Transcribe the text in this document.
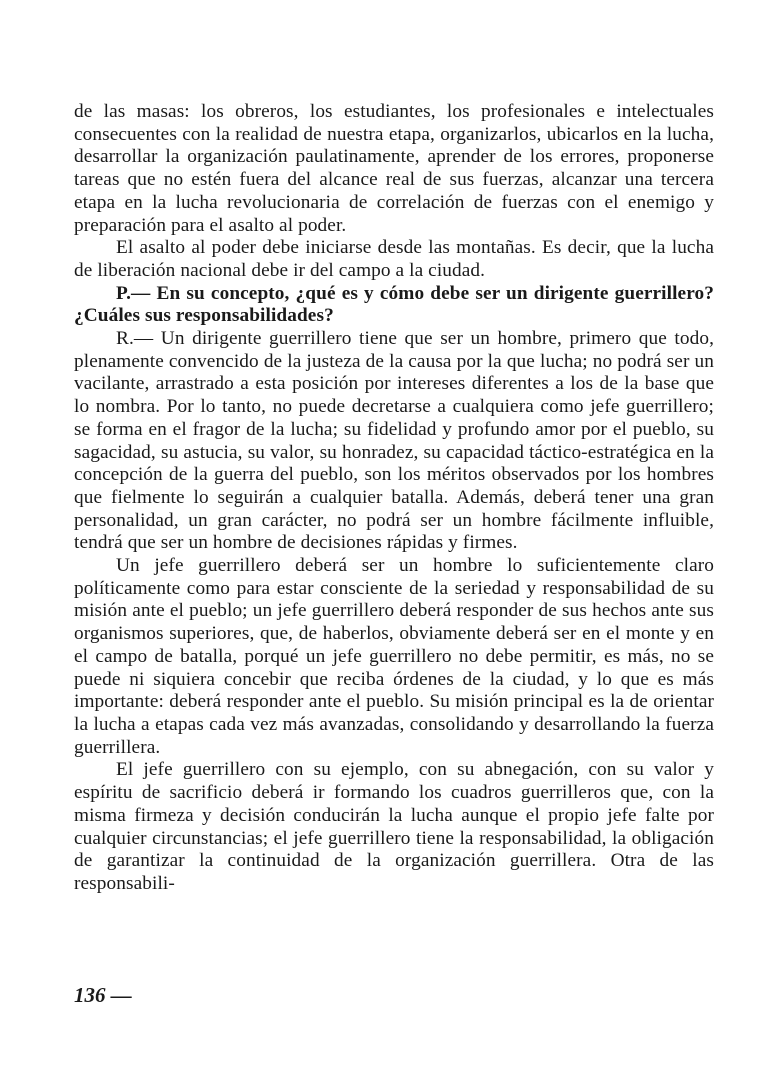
de las masas: los obreros, los estudiantes, los profesionales e intelectuales consecuentes con la realidad de nuestra etapa, organizarlos, ubicarlos en la lucha, desarrollar la organización paulatinamente, aprender de los errores, proponerse tareas que no estén fuera del alcance real de sus fuerzas, alcanzar una tercera etapa en la lucha revolucionaria de correlación de fuerzas con el enemigo y preparación para el asalto al poder.

El asalto al poder debe iniciarse desde las montañas. Es decir, que la lucha de liberación nacional debe ir del campo a la ciudad.

P.— En su concepto, ¿qué es y cómo debe ser un dirigente guerrillero? ¿Cuáles sus responsabilidades?

R.— Un dirigente guerrillero tiene que ser un hombre, primero que todo, plenamente convencido de la justeza de la causa por la que lucha; no podrá ser un vacilante, arrastrado a esta posición por intereses diferentes a los de la base que lo nombra. Por lo tanto, no puede decretarse a cualquiera como jefe guerrillero; se forma en el fragor de la lucha; su fidelidad y profundo amor por el pueblo, su sagacidad, su astucia, su valor, su honradez, su capacidad táctico-estratégica en la concepción de la guerra del pueblo, son los méritos observados por los hombres que fielmente lo seguirán a cualquier batalla. Además, deberá tener una gran personalidad, un gran carácter, no podrá ser un hombre fácilmente influible, tendrá que ser un hombre de decisiones rápidas y firmes.

Un jefe guerrillero deberá ser un hombre lo suficientemente claro políticamente como para estar consciente de la seriedad y responsabilidad de su misión ante el pueblo; un jefe guerrillero deberá responder de sus hechos ante sus organismos superiores, que, de haberlos, obviamente deberá ser en el monte y en el campo de batalla, porqué un jefe guerrillero no debe permitir, es más, no se puede ni siquiera concebir que reciba órdenes de la ciudad, y lo que es más importante: deberá responder ante el pueblo. Su misión principal es la de orientar la lucha a etapas cada vez más avanzadas, consolidando y desarrollando la fuerza guerrillera.

El jefe guerrillero con su ejemplo, con su abnegación, con su valor y espíritu de sacrificio deberá ir formando los cuadros guerrilleros que, con la misma firmeza y decisión conducirán la lucha aunque el propio jefe falte por cualquier circunstancias; el jefe guerrillero tiene la responsabilidad, la obligación de garantizar la continuidad de la organización guerrillera. Otra de las responsabili-

136 —
